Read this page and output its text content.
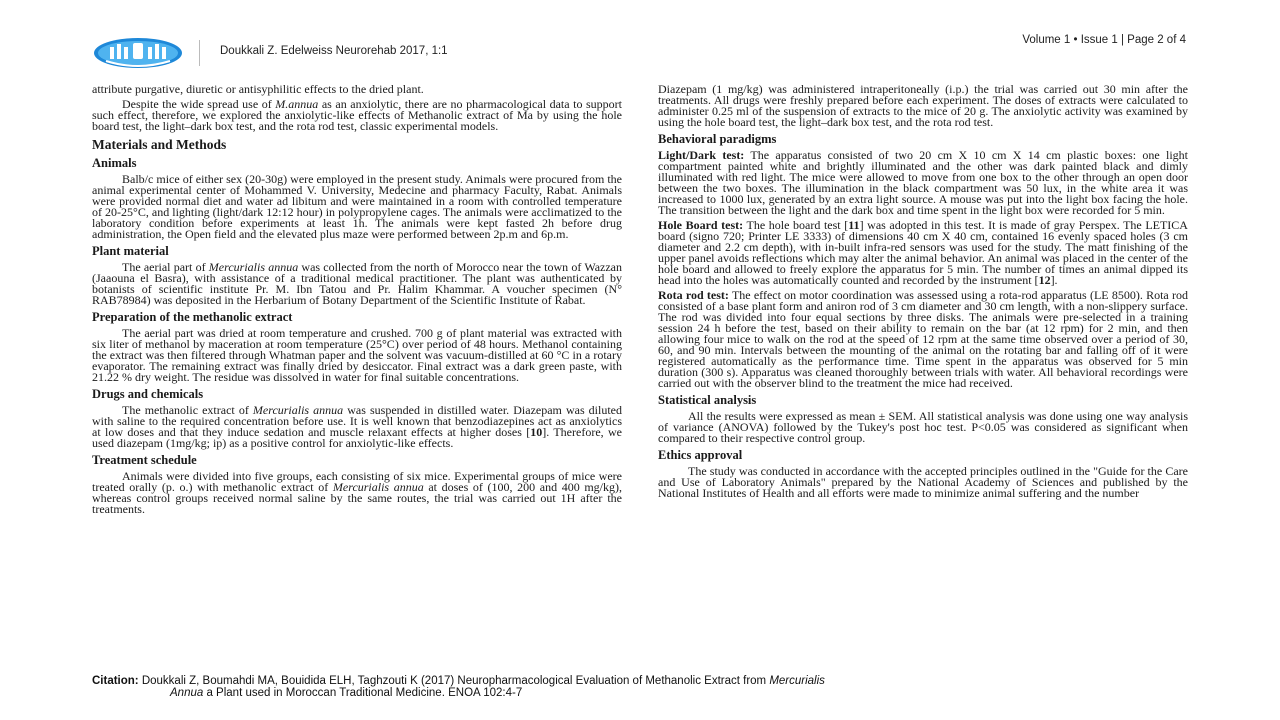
Doukkali Z. Edelweiss Neurorehab 2017, 1:1
Volume 1 • Issue 1 | Page 2 of 4

attribute purgative, diuretic or antisyphilitic effects to the dried plant.

Despite the wide spread use of M.annua as an anxiolytic, there are no pharmacological data to support such effect, therefore, we explored the anxiolytic-like effects of Methanolic extract of Ma by using the hole board test, the light–dark box test, and the rota rod test, classic experimental models.

Materials and Methods
Animals

Balb/c mice of either sex (20-30g) were employed in the present study. Animals were procured from the animal experimental center of Mohammed V. University, Medecine and pharmacy Faculty, Rabat. Animals were provided normal diet and water ad libitum and were maintained in a room with controlled temperature of 20-25°C, and lighting (light/dark 12:12 hour) in polypropylene cages. The animals were acclimatized to the laboratory condition before experiments at least 1h. The animals were kept fasted 2h before drug administration, the Open field and the elevated plus maze were performed between 2p.m and 6p.m.

Plant material

The aerial part of Mercurialis annua was collected from the north of Morocco near the town of Wazzan (Jaaouna el Basra), with assistance of a traditional medical practitioner. The plant was authenticated by botanists of scientific institute Pr. M. Ibn Tatou and Pr. Halim Khammar. A voucher specimen (N° RAB78984) was deposited in the Herbarium of Botany Department of the Scientific Institute of Rabat.

Preparation of the methanolic extract

The aerial part was dried at room temperature and crushed. 700 g of plant material was extracted with six liter of methanol by maceration at room temperature (25°C) over period of 48 hours. Methanol containing the extract was then filtered through Whatman paper and the solvent was vacuum-distilled at 60 °C in a rotary evaporator. The remaining extract was finally dried by desiccator. Final extract was a dark green paste, with 21.22 % dry weight. The residue was dissolved in water for final suitable concentrations.

Drugs and chemicals

The methanolic extract of Mercurialis annua was suspended in distilled water. Diazepam was diluted with saline to the required concentration before use. It is well known that benzodiazepines act as anxiolytics at low doses and that they induce sedation and muscle relaxant effects at higher doses [10]. Therefore, we used diazepam (1mg/kg; ip) as a positive control for anxiolytic-like effects.

Treatment schedule

Animals were divided into five groups, each consisting of six mice. Experimental groups of mice were treated orally (p. o.) with methanolic extract of Mercurialis annua at doses of (100, 200 and 400 mg/kg), whereas control groups received normal saline by the same routes, the trial was carried out 1H after the treatments.

Diazepam (1 mg/kg) was administered intraperitoneally (i.p.) the trial was carried out 30 min after the treatments. All drugs were freshly prepared before each experiment. The doses of extracts were calculated to administer 0.25 ml of the suspension of extracts to the mice of 20 g. The anxiolytic activity was examined by using the hole board test, the light–dark box test, and the rota rod test.

Behavioral paradigms

Light/Dark test: The apparatus consisted of two 20 cm X 10 cm X 14 cm plastic boxes: one light compartment painted white and brightly illuminated and the other was dark painted black and dimly illuminated with red light. The mice were allowed to move from one box to the other through an open door between the two boxes. The illumination in the black compartment was 50 lux, in the white area it was increased to 1000 lux, generated by an extra light source. A mouse was put into the light box facing the hole. The transition between the light and the dark box and time spent in the light box were recorded for 5 min.

Hole Board test: The hole board test [11] was adopted in this test. It is made of gray Perspex. The LETICA board (signo 720; Printer LE 3333) of dimensions 40 cm X 40 cm, contained 16 evenly spaced holes (3 cm diameter and 2.2 cm depth), with in-built infra-red sensors was used for the study. The matt finishing of the upper panel avoids reflections which may alter the animal behavior. An animal was placed in the center of the hole board and allowed to freely explore the apparatus for 5 min. The number of times an animal dipped its head into the holes was automatically counted and recorded by the instrument [12].

Rota rod test: The effect on motor coordination was assessed using a rota-rod apparatus (LE 8500). Rota rod consisted of a base plant form and aniron rod of 3 cm diameter and 30 cm length, with a non-slippery surface. The rod was divided into four equal sections by three disks. The animals were pre-selected in a training session 24 h before the test, based on their ability to remain on the bar (at 12 rpm) for 2 min, and then allowing four mice to walk on the rod at the speed of 12 rpm at the same time observed over a period of 30, 60, and 90 min. Intervals between the mounting of the animal on the rotating bar and falling off of it were registered automatically as the performance time. Time spent in the apparatus was observed for 5 min duration (300 s). Apparatus was cleaned thoroughly between trials with water. All behavioral recordings were carried out with the observer blind to the treatment the mice had received.

Statistical analysis

All the results were expressed as mean ± SEM. All statistical analysis was done using one way analysis of variance (ANOVA) followed by the Tukey's post hoc test. P<0.05 was considered as significant when compared to their respective control group.

Ethics approval

The study was conducted in accordance with the accepted principles outlined in the "Guide for the Care and Use of Laboratory Animals" prepared by the National Academy of Sciences and published by the National Institutes of Health and all efforts were made to minimize animal suffering and the number

Citation: Doukkali Z, Boumahdi MA, Bouidida ELH, Taghzouti K (2017) Neuropharmacological Evaluation of Methanolic Extract from Mercurialis
Annua a Plant used in Moroccan Traditional Medicine. ENOA 102:4-7
